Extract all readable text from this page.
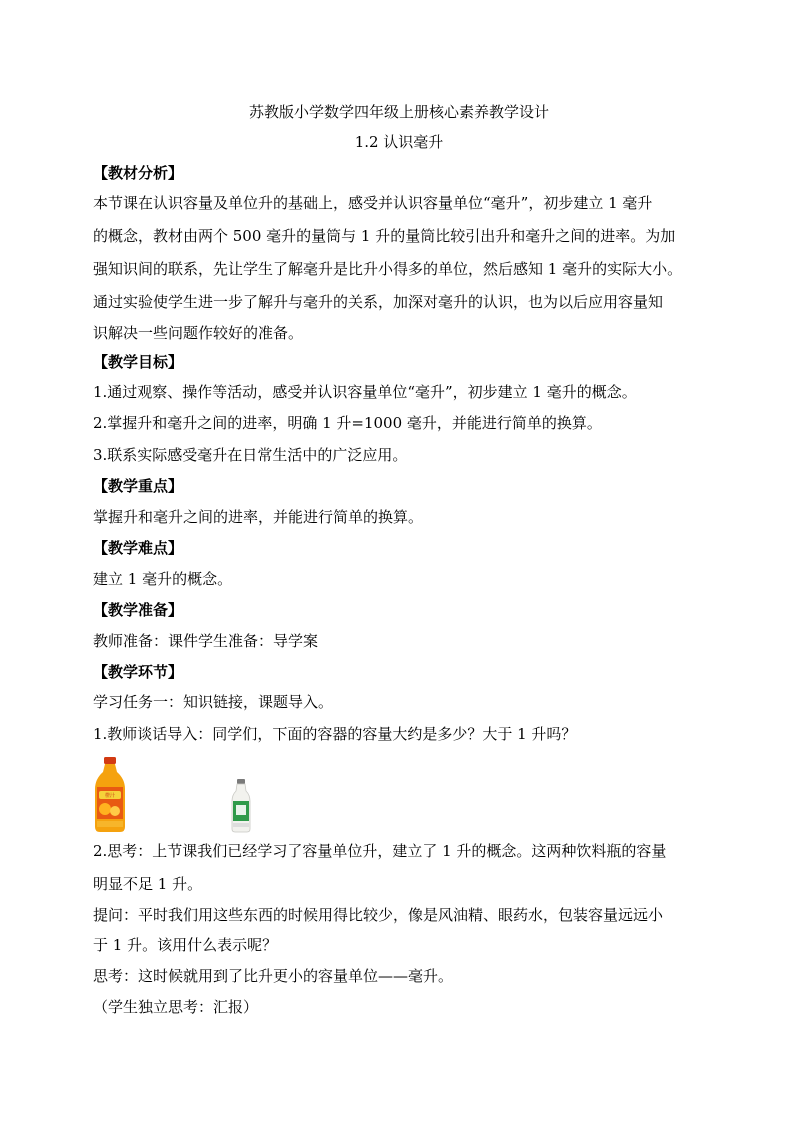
苏教版小学数学四年级上册核心素养教学设计
1.2 认识毫升
【教材分析】
本节课在认识容量及单位升的基础上，感受并认识容量单位“毫升”，初步建立 1 毫升
的概念，教材由两个 500 毫升的量筒与 1 升的量筒比较引出升和毫升之间的进率。为加
强知识间的联系，先让学生了解毫升是比升小得多的单位，然后感知 1 毫升的实际大小。
通过实验使学生进一步了解升与毫升的关系，加深对毫升的认识，也为以后应用容量知
识解决一些问题作较好的准备。
【教学目标】
1.通过观察、操作等活动，感受并认识容量单位“毫升”，初步建立 1 毫升的概念。
2.掌握升和毫升之间的进率，明确 1 升=1000 毫升，并能进行简单的换算。
3.联系实际感受毫升在日常生活中的广泛应用。
【教学重点】
掌握升和毫升之间的进率，并能进行简单的换算。
【教学难点】
建立 1 毫升的概念。
【教学准备】
教师准备：课件学生准备：导学案
【教学环节】
学习任务一：知识链接，课题导入。
1.教师谈话导入：同学们，下面的容器的容量大约是多少？大于 1 升吗？
橙汁
2.思考：上节课我们已经学习了容量单位升，建立了 1 升的概念。这两种饮料瓶的容量
明显不足 1 升。
提问：平时我们用这些东西的时候用得比较少，像是风油精、眼药水，包装容量远远小
于 1 升。该用什么表示呢？
思考：这时候就用到了比升更小的容量单位——毫升。
（学生独立思考：汇报）
